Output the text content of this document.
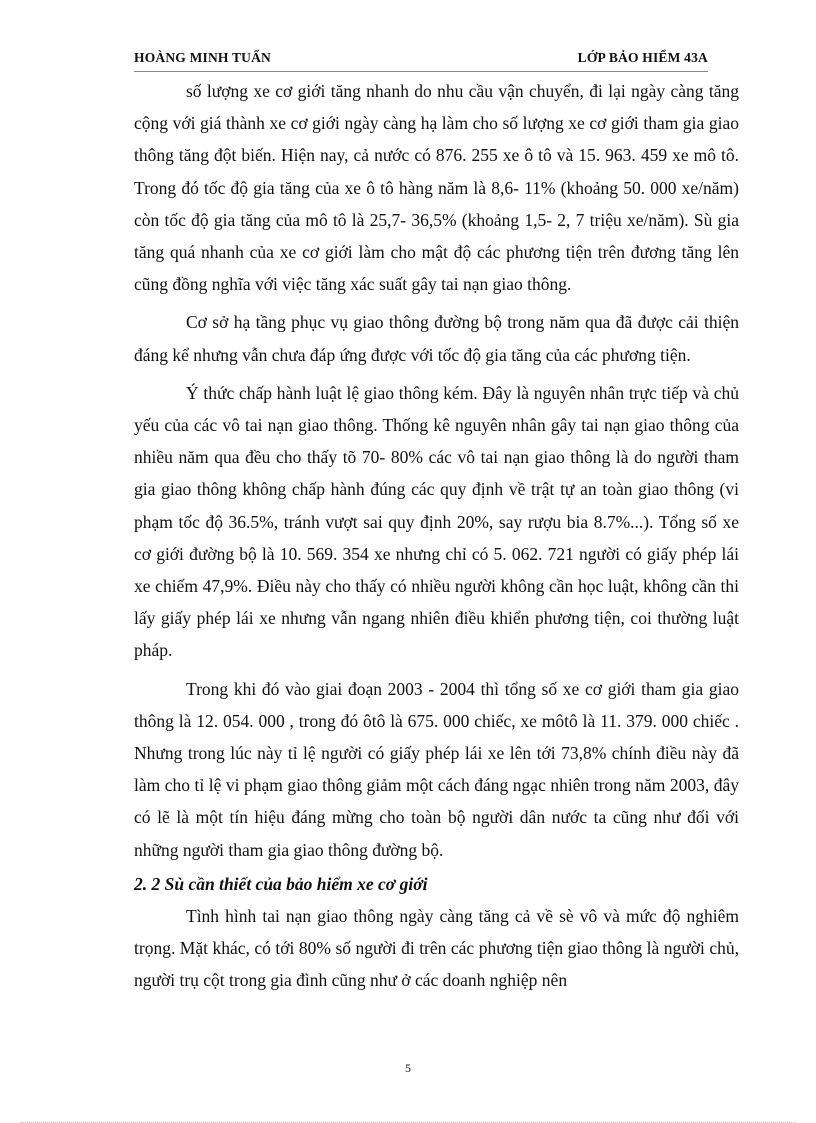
HOÀNG MINH TUẤN	LỚP BẢO HIỂM 43A

số lượng xe cơ giới tăng nhanh do nhu cầu vận chuyển, đi lại ngày càng tăng cộng với giá thành xe cơ giới ngày càng hạ làm cho số lượng xe cơ giới tham gia giao thông tăng đột biến. Hiện nay, cả nước có 876. 255 xe ô tô và 15. 963. 459 xe mô tô. Trong đó tốc độ gia tăng của xe ô tô hàng năm là 8,6- 11% (khoảng 50. 000 xe/năm) còn tốc độ gia tăng của mô tô là 25,7- 36,5% (khoảng 1,5- 2, 7 triệu xe/năm). Sù gia tăng quá nhanh của xe cơ giới làm cho mật độ các phương tiện trên đương tăng lên cũng đồng nghĩa với việc tăng xác suất gây tai nạn giao thông.

Cơ sở hạ tầng phục vụ giao thông đường bộ trong năm qua đã được cải thiện đáng kể nhưng vẫn chưa đáp ứng được với tốc độ gia tăng của các phương tiện.

Ý thức chấp hành luật lệ giao thông kém. Đây là nguyên nhân trực tiếp và chủ yếu của các vô tai nạn giao thông. Thống kê nguyên nhân gây tai nạn giao thông của nhiều năm qua đều cho thấy tõ 70- 80% các vô tai nạn giao thông là do người tham gia giao thông không chấp hành đúng các quy định về trật tự an toàn giao thông (vi phạm tốc độ 36.5%, tránh vượt sai quy định 20%, say rượu bia 8.7%...). Tổng số xe cơ giới đường bộ là 10. 569. 354 xe nhưng chỉ có 5. 062. 721 người có giấy phép lái xe chiếm 47,9%. Điều này cho thấy có nhiều người không cần học luật, không cần thi lấy giấy phép lái xe nhưng vẫn ngang nhiên điều khiển phương tiện, coi thường luật pháp.

Trong khi đó vào giai đoạn 2003 - 2004 thì tổng số xe cơ giới tham gia giao thông là 12. 054. 000 , trong đó ôtô là 675. 000 chiếc, xe môtô là 11. 379. 000 chiếc . Nhưng trong lúc này tỉ lệ người có giấy phép lái xe lên tới 73,8% chính điều này đã làm cho tỉ lệ vi phạm giao thông giảm một cách đáng ngạc nhiên trong năm 2003, đây có lẽ là một tín hiệu đáng mừng cho toàn bộ người dân nước ta cũng như đối với những người tham gia giao thông đường bộ.

2. 2 Sù cần thiết của bảo hiểm xe cơ giới

Tình hình tai nạn giao thông ngày càng tăng cả về sè vô và mức độ nghiêm trọng. Mặt khác, có tới 80% số người đi trên các phương tiện giao thông là người chủ, người trụ cột trong gia đình cũng như ở các doanh nghiệp nên

5
